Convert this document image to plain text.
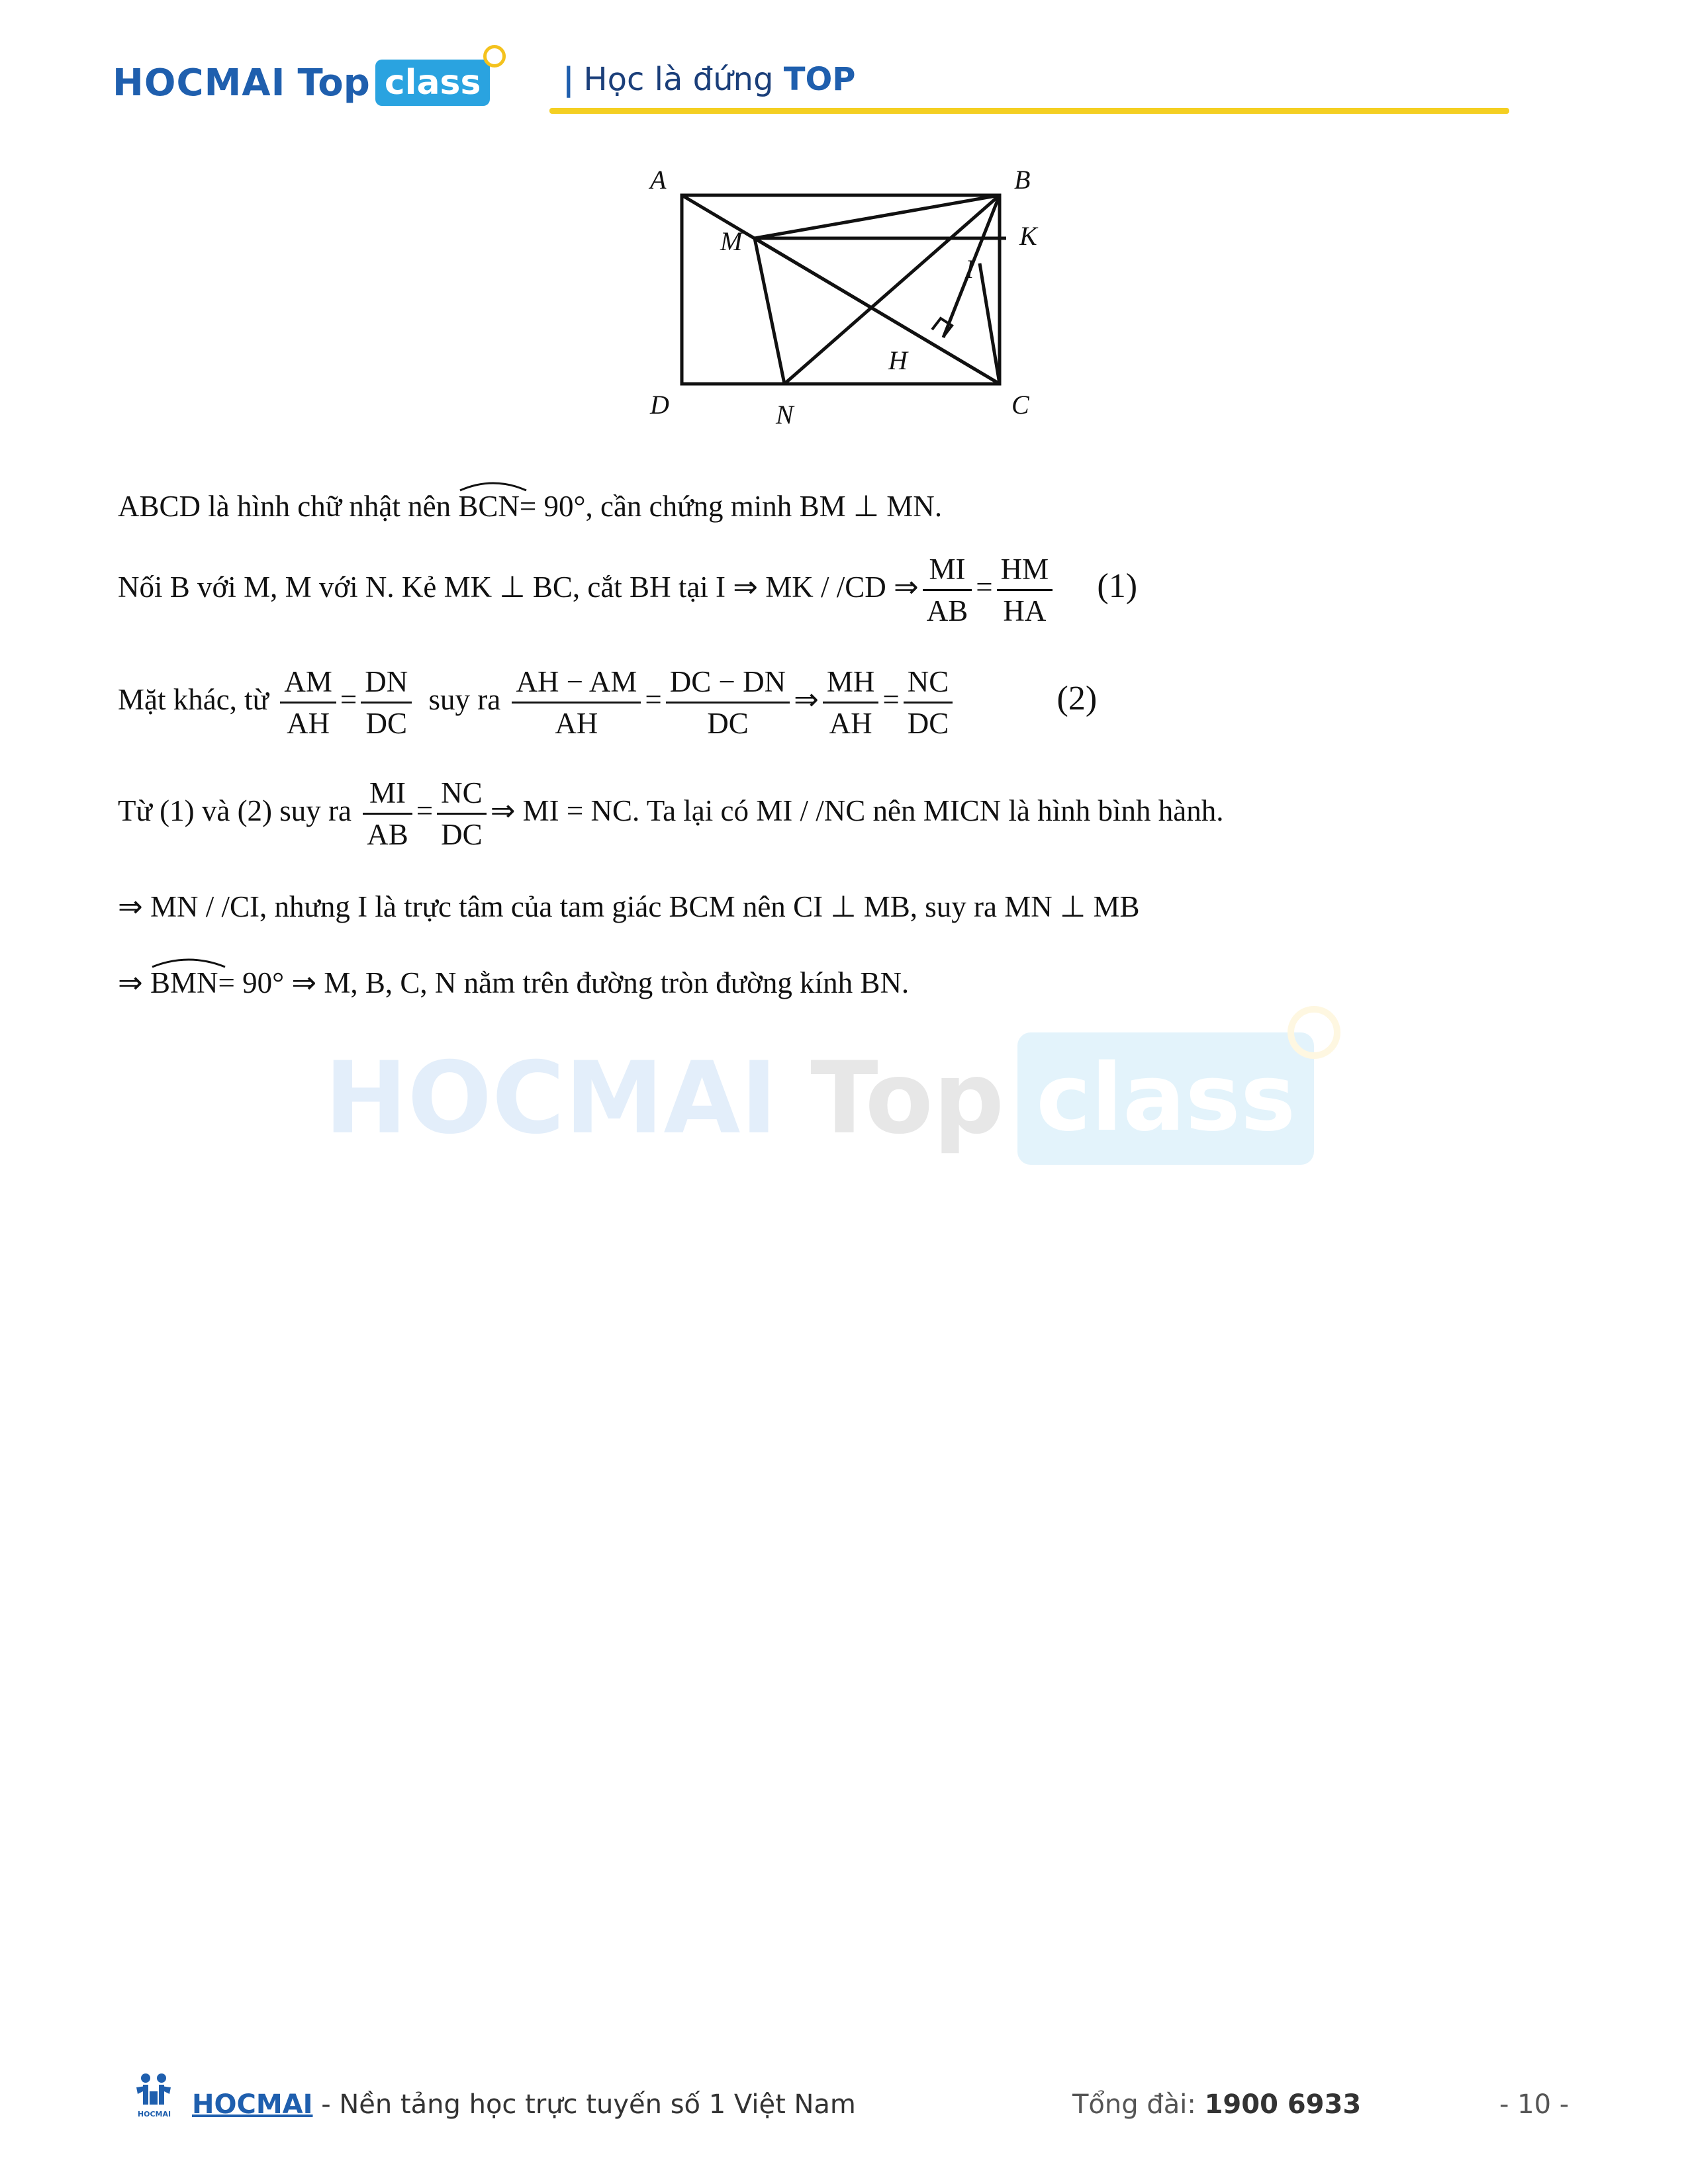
HOCMAI Top class	| Học là đứng TOP
A	B
K
M
I
H
D	N	C
ABCD là hình chữ nhật nên BCN= 90°, cần chứng minh BM ⊥ MN.
Nối B với M, M với N. Kẻ MK ⊥ BC, cắt BH tại I ⇒ MK / /CD ⇒ $\frac{MI}{AB} = \frac{HM}{HA} (1)$
Mặt khác, từ $\frac{AM}{AH} = \frac{DN}{DC}$ suy ra $\frac{AH - AM}{AH} = \frac{DC - DN}{DC}$ ⇒ $\frac{MH}{AH} = \frac{NC}{DC}$	(2)
Từ (1) và (2) suy ra $\frac{MI}{AB} = \frac{NC}{DC}$ ⇒ MI = NC. Ta lại có MI / /NC nên MICN là hình bình hành.
⇒ MN / /CI, nhưng I là trực tâm của tam giác BCM nên CI ⊥ MB, suy ra MN ⊥ MB
⇒ BMN= 90° ⇒ M, B, C, N nằm trên đường tròn đường kính BN.
HOCMAI Top class
HOCMAI HOCMAI - Nền tảng học trực tuyến số 1 Việt Nam	Tổng đài: 1900 6933	- 10 -
